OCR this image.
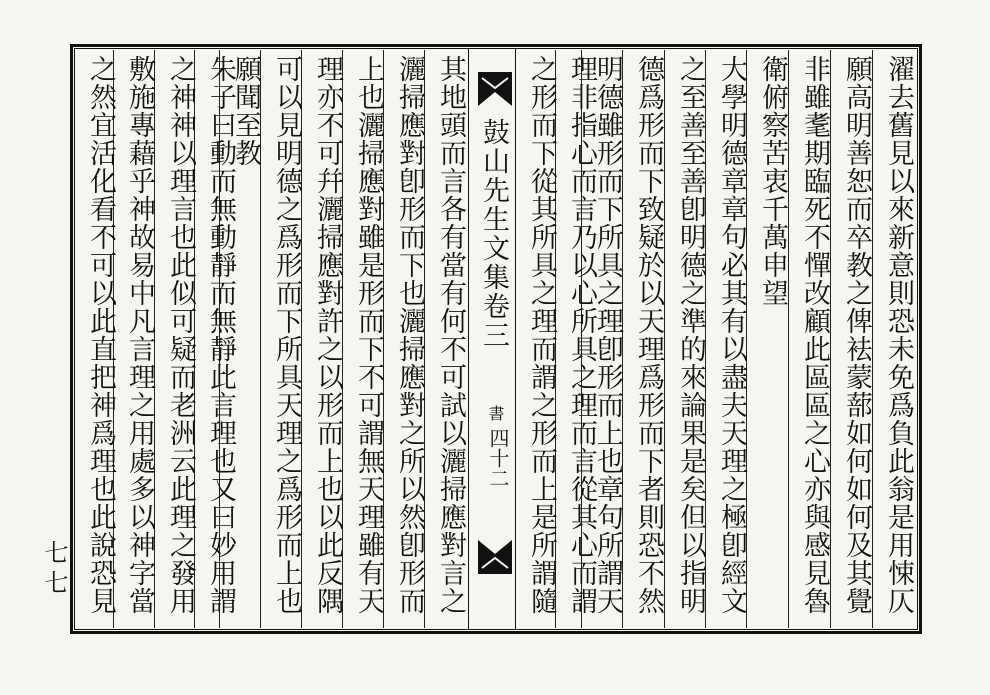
濯去舊見以來新意則恐未免爲負此翁是用悚仄
願高明善恕而卒教之俾袪蒙蔀如何如何及其覺
非雖耄期臨死不憚改顧此區區之心亦與感見魯
衛俯察苦衷千萬申望
大學明德章章句必其有以盡夫天理之極卽經文
之至善至善卽明德之準的來論果是矣但以指明
德爲形而下致疑於以天理爲形而下者則恐不然
明德雖形而下所具之理卽形而上也章句所謂天
理非指心而言乃以心所具之理而言從其心而謂
之形而下從其所具之理而謂之形而上是所謂隨
鼓山先生文集卷三
書
四十二
其地頭而言各有當有何不可試以灑掃應對言之
灑掃應對卽形而下也灑掃應對之所以然卽形而
上也灑掃應對雖是形而下不可謂無天理雖有天
理亦不可幷灑掃應對許之以形而上也以此反隅
可以見明德之爲形而下所具天理之爲形而上也
願聞至教
朱子曰動而無動靜而無靜此言理也又曰妙用謂
之神神以理言也此似可疑而老洲云此理之發用
敷施專藉乎神故易中凡言理之用處多以神字當
之然宜活化看不可以此直把神爲理也此說恐見
七七
